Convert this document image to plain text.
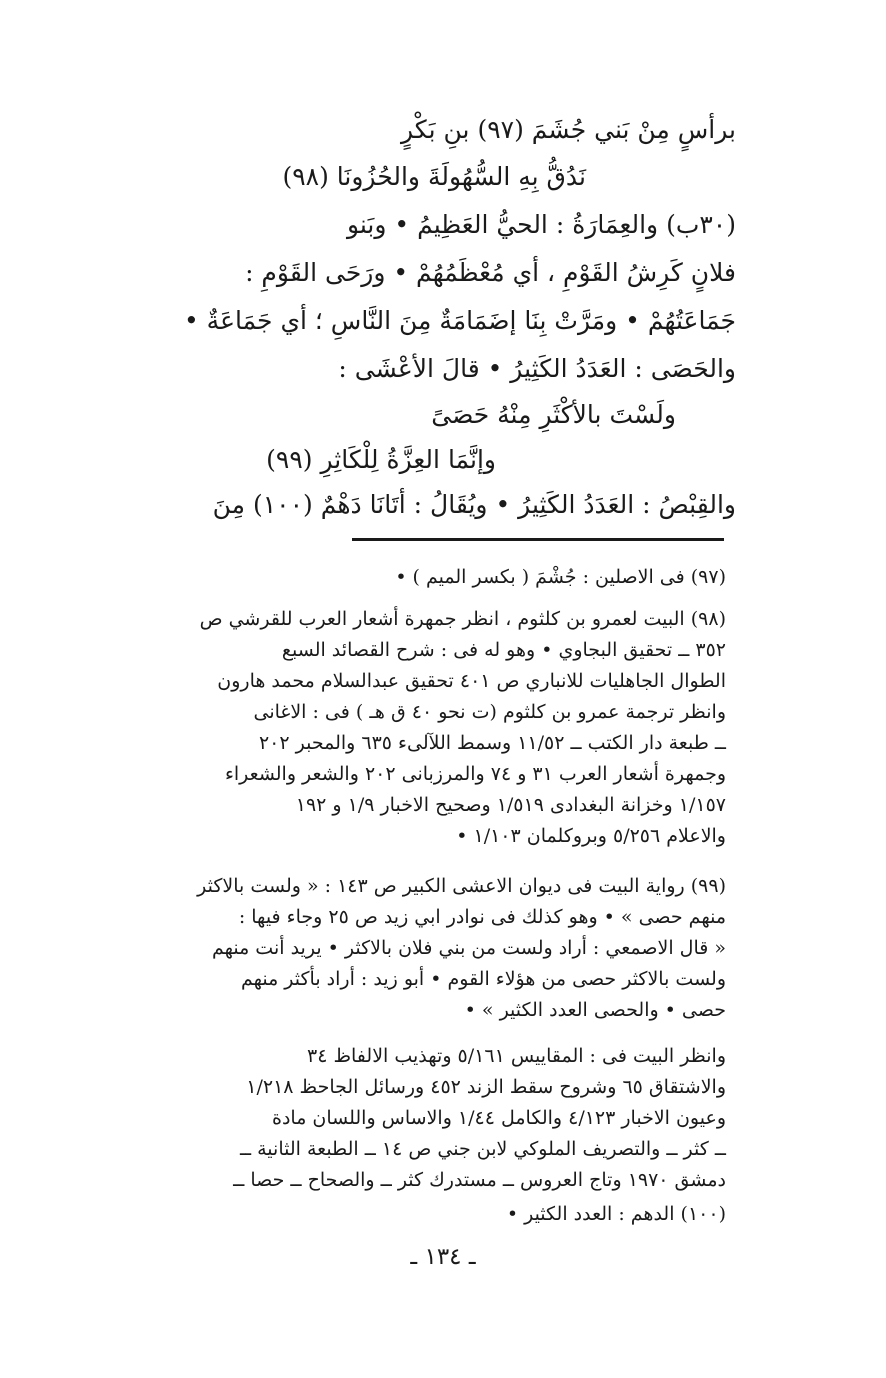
برأسٍ مِنْ بَني جُشَمَ (٩٧) بنِ بَكْرٍ
نَدُقُّ بِهِ السُّهُولَةَ والحُزُونَا (٩٨)
(٣٠ب) والعِمَارَةُ : الحيُّ العَظِيمُ • وبَنو
فلانٍ كَرِشُ القَوْمِ ، أي مُعْظَمُهُمْ • ورَحَى القَوْمِ :
جَمَاعَتُهُمْ • ومَرَّتْ بِنَا إضَمَامَةٌ مِنَ النَّاسِ ؛ أي جَمَاعَةٌ •
والحَصَى : العَدَدُ الكَثِيرُ • قالَ الأعْشَى :
ولَسْتَ بالأكْثَرِ مِنْهُ حَصَىً
وإنَّمَا العِزَّةُ لِلْكَاثِرِ (٩٩)
والقِبْصُ : العَدَدُ الكَثِيرُ • ويُقَالُ : أتَانَا دَهْمٌ (١٠٠) مِنَ
(٩٧) فى الاصلين : جُشْمَ ( بكسر الميم ) •
(٩٨) البيت لعمرو بن كلثوم ، انظر جمهرة أشعار العرب للقرشي ص
٣٥٢ ــ تحقيق البجاوي • وهو له فى : شرح القصائد السبع
الطوال الجاهليات للانباري ص ٤٠١ تحقيق عبدالسلام محمد هارون
وانظر ترجمة عمرو بن كلثوم (ت نحو ٤٠ ق هـ ) فى : الاغانى
ــ طبعة دار الكتب ــ ١١/٥٢ وسمط اللآلىء ٦٣٥ والمحبر ٢٠٢
وجمهرة أشعار العرب ٣١ و ٧٤ والمرزبانى ٢٠٢ والشعر والشعراء
١/١٥٧ وخزانة البغدادى ١/٥١٩ وصحيح الاخبار ١/٩ و ١٩٢
والاعلام ٥/٢٥٦ وبروكلمان ١/١٠٣ •
(٩٩) رواية البيت فى ديوان الاعشى الكبير ص ١٤٣ : « ولست بالاكثر
منهم حصى » • وهو كذلك فى نوادر ابي زيد ص ٢٥ وجاء فيها :
« قال الاصمعي : أراد ولست من بني فلان بالاكثر • يريد أنت منهم
ولست بالاكثر حصى من هؤلاء القوم • أبو زيد : أراد بأكثر منهم
حصى • والحصى العدد الكثير » •
وانظر البيت فى : المقاييس ٥/١٦١ وتهذيب الالفاظ ٣٤
والاشتقاق ٦٥ وشروح سقط الزند ٤٥٢ ورسائل الجاحظ ١/٢١٨
وعيون الاخبار ٤/١٢٣ والكامل ١/٤٤ والاساس واللسان مادة
ــ كثر ــ والتصريف الملوكي لابن جني ص ١٤ ــ الطبعة الثانية ــ
دمشق ١٩٧٠ وتاج العروس ــ مستدرك كثر ــ والصحاح ــ حصا ــ
(١٠٠) الدهم : العدد الكثير •
ـ ١٣٤ ـ
